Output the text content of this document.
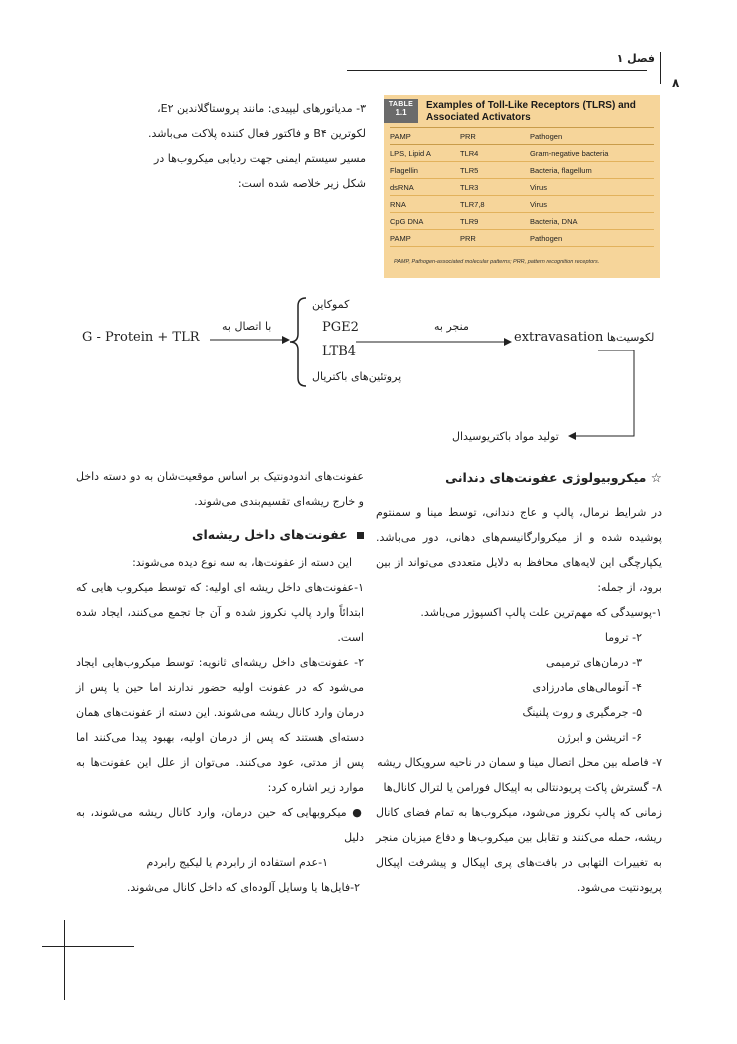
فصل ۱
۸
۳- مدیاتورهای لیپیدی: مانند پروستاگلاندین E۲،
لکوترین B۴ و فاکتور فعال کننده پلاکت می‌باشد.
مسیر سیستم ایمنی جهت ردیابی میکروب‌ها در
شکل زیر خلاصه شده است:
TABLE
1.1
Examples of Toll-Like Receptors (TLRS) and Associated Activators
PAMP	PRR	Pathogen
LPS, Lipid A	TLR4	Gram-negative bacteria
Flagellin	TLR5	Bacteria, flagellum
dsRNA	TLR3	Virus
RNA	TLR7,8	Virus
CpG DNA	TLR9	Bacteria, DNA
PAMP	PRR	Pathogen
PAMP, Pathogen-associated molecular patterns; PRR, pattern recognition receptors.
G - Protein + TLR
با اتصال به
کموکاین
PGE2
LTB4
پروتئین‌های باکتریال
منجر به
extravasation لکوسیت‌ها
تولید مواد باکتریوسیدال
☆ میکروبیولوژی عفونت‌های دندانی
در شرایط نرمال، پالپ و عاج دندانی، توسط مینا و سمنتوم پوشیده شده و از میکروارگانیسم‌های دهانی، دور می‌باشد. یکپارچگی این لایه‌های محافظ به دلایل متعددی می‌تواند از بین برود، از جمله:
۱-پوسیدگی که مهم‌ترین علت پالپ اکسپوژر می‌باشد.
۲- تروما
۳- درمان‌های ترمیمی
۴- آنومالی‌های مادرزادی
۵- جرمگیری و روت پلنینگ
۶- اتریشن و ابرژن
۷- فاصله بین محل اتصال مینا و سمان در ناحیه سرویکال ریشه
۸- گسترش پاکت پریودنتالی به اپیکال فورامن یا لترال کانال‌ها
زمانی که پالپ نکروز می‌شود، میکروب‌ها به تمام فضای کانال ریشه، حمله می‌کنند و تقابل بین میکروب‌ها و دفاع میزبان منجر به تغییرات التهابی در بافت‌های پری اپیکال و پیشرفت اپیکال پریودنتیت می‌شود.
عفونت‌های اندودونتیک بر اساس موقعیت‌شان به دو دسته داخل و خارج ریشه‌ای تقسیم‌بندی می‌شوند.
عفونت‌های داخل ریشه‌ای
این دسته از عفونت‌ها، به سه نوع دیده می‌شوند:
۱-عفونت‌های داخل ریشه ای اولیه: که توسط میکروب هایی که ابتدائاً وارد پالپ نکروز شده و آن جا تجمع می‌کنند، ایجاد شده است.
۲- عفونت‌های داخل ریشه‌ای ثانویه: توسط میکروب‌هایی ایجاد می‌شود که در عفونت اولیه حضور ندارند اما حین یا پس از درمان وارد کانال ریشه می‌شوند. این دسته از عفونت‌های همان دسته‌ای هستند که پس از درمان اولیه، بهبود پیدا می‌کنند اما پس از مدتی، عود می‌کنند. می‌توان از علل این عفونت‌ها به موارد زیر اشاره کرد:
● میکروبهایی که حین درمان، وارد کانال ریشه می‌شوند، به دلیل
۱-عدم استفاده از رابردم یا لیکیج رابردم
۲-فایل‌ها یا وسایل آلوده‌ای که داخل کانال می‌شوند.
